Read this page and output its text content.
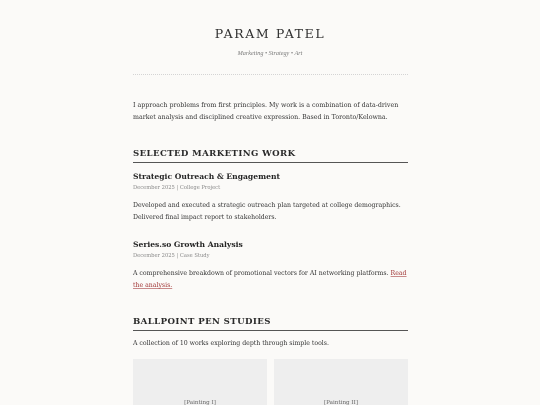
PARAM PATEL
Marketing • Strategy • Art

I approach problems from first principles. My work is a combination of data-driven market analysis and disciplined creative expression. Based in Toronto/Kelowna.

SELECTED MARKETING WORK
Strategic Outreach & Engagement
December 2025 | College Project
Developed and executed a strategic outreach plan targeted at college demographics. Delivered final impact report to stakeholders.
Series.so Growth Analysis
December 2025 | Case Study
A comprehensive breakdown of promotional vectors for AI networking platforms. Read the analysis.
BALLPOINT PEN STUDIES
A collection of 10 works exploring depth through simple tools.
[Painting I]	[Painting II]
